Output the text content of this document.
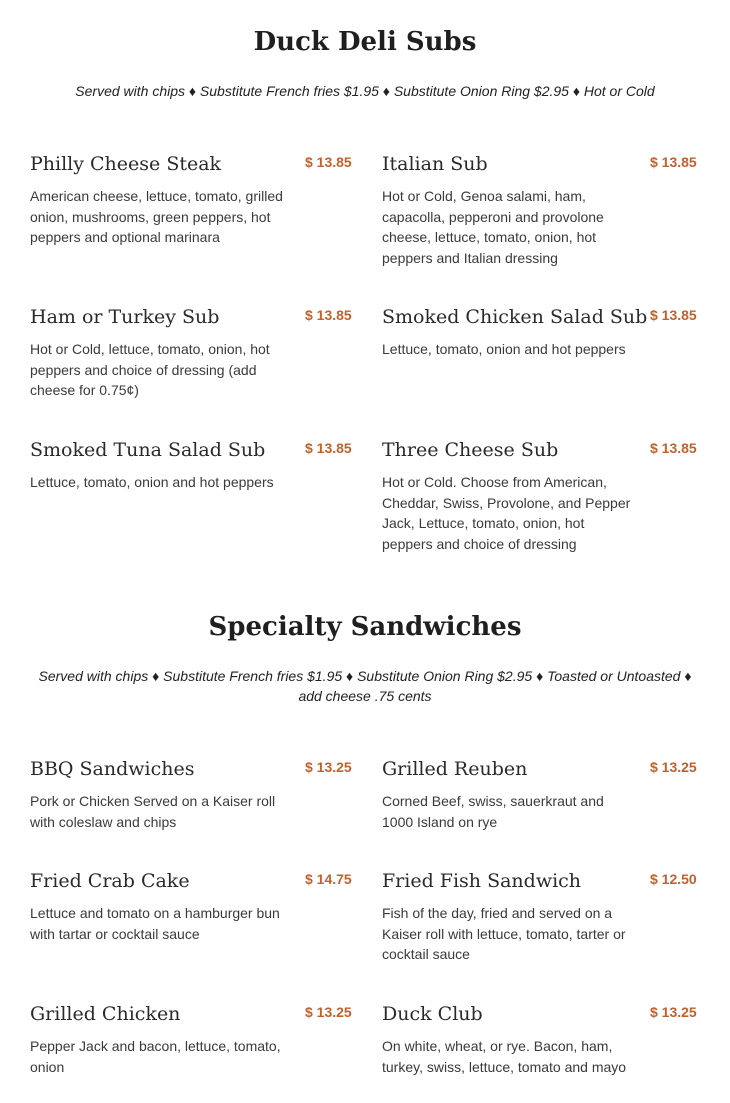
Duck Deli Subs

Served with chips ♦ Substitute French fries $1.95 ♦ Substitute Onion Ring $2.95 ♦ Hot or Cold

Philly Cheese Steak	$ 13.85
American cheese, lettuce, tomato, grilled onion, mushrooms, green peppers, hot peppers and optional marinara
Italian Sub	$ 13.85
Hot or Cold, Genoa salami, ham, capacolla, pepperoni and provolone cheese, lettuce, tomato, onion, hot peppers and Italian dressing
Ham or Turkey Sub	$ 13.85
Hot or Cold, lettuce, tomato, onion, hot peppers and choice of dressing (add cheese for 0.75¢)
Smoked Chicken Salad Sub $ 13.85
Lettuce, tomato, onion and hot peppers
Smoked Tuna Salad Sub	$ 13.85
Lettuce, tomato, onion and hot peppers
Three Cheese Sub	$ 13.85
Hot or Cold. Choose from American, Cheddar, Swiss, Provolone, and Pepper Jack, Lettuce, tomato, onion, hot peppers and choice of dressing
Specialty Sandwiches

Served with chips ♦ Substitute French fries $1.95 ♦ Substitute Onion Ring $2.95 ♦ Toasted or Untoasted ♦ add cheese .75 cents

BBQ Sandwiches	$ 13.25
Pork or Chicken Served on a Kaiser roll with coleslaw and chips
Grilled Reuben	$ 13.25
Corned Beef, swiss, sauerkraut and 1000 Island on rye
Fried Crab Cake	$ 14.75
Lettuce and tomato on a hamburger bun with tartar or cocktail sauce
Fried Fish Sandwich	$ 12.50
Fish of the day, fried and served on a Kaiser roll with lettuce, tomato, tarter or cocktail sauce
Grilled Chicken	$ 13.25
Pepper Jack and bacon, lettuce, tomato, onion
Duck Club	$ 13.25
On white, wheat, or rye. Bacon, ham, turkey, swiss, lettuce, tomato and mayo
